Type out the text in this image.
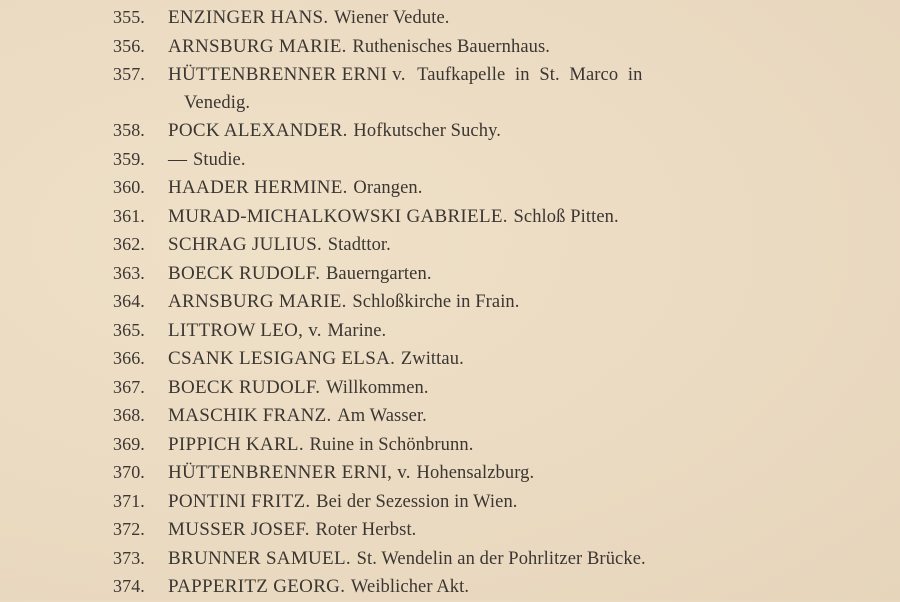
355.	ENZINGER HANS. Wiener Vedute.
356.	ARNSBURG MARIE. Ruthenisches Bauernhaus.
357.	HÜTTENBRENNER ERNI v. Taufkapelle in St. Marco in
Venedig.
358.	POCK ALEXANDER. Hofkutscher Suchy.
359.	— Studie.
360.	HAADER HERMINE. Orangen.
361.	MURAD-MICHALKOWSKI GABRIELE. Schloß Pitten.
362.	SCHRAG JULIUS. Stadttor.
363.	BOECK RUDOLF. Bauerngarten.
364.	ARNSBURG MARIE. Schloßkirche in Frain.
365.	LITTROW LEO, v. Marine.
366.	CSANK LESIGANG ELSA. Zwittau.
367.	BOECK RUDOLF. Willkommen.
368.	MASCHIK FRANZ. Am Wasser.
369.	PIPPICH KARL. Ruine in Schönbrunn.
370.	HÜTTENBRENNER ERNI, v. Hohensalzburg.
371.	PONTINI FRITZ. Bei der Sezession in Wien.
372.	MUSSER JOSEF. Roter Herbst.
373.	BRUNNER SAMUEL. St. Wendelin an der Pohrlitzer Brücke.
374.	PAPPERITZ GEORG. Weiblicher Akt.
